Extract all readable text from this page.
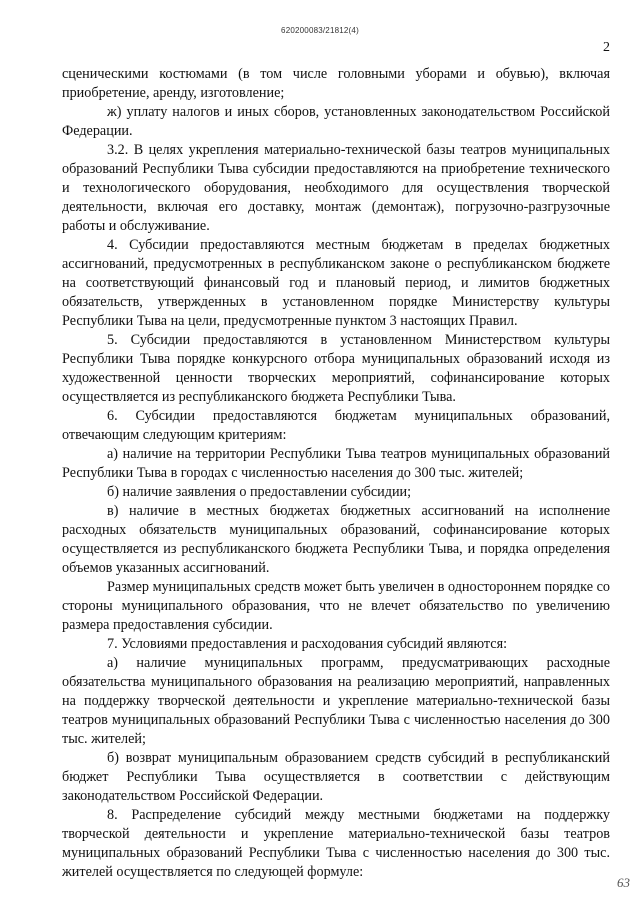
620200083/21812(4)
2

сценическими костюмами (в том числе головными уборами и обувью), включая приобретение, аренду, изготовление;

ж) уплату налогов и иных сборов, установленных законодательством Российской Федерации.

3.2. В целях укрепления материально-технической базы театров муниципальных образований Республики Тыва субсидии предоставляются на приобретение технического и технологического оборудования, необходимого для осуществления творческой деятельности, включая его доставку, монтаж (демонтаж), погрузочно-разгрузочные работы и обслуживание.

4. Субсидии предоставляются местным бюджетам в пределах бюджетных ассигнований, предусмотренных в республиканском законе о республиканском бюджете на соответствующий финансовый год и плановый период, и лимитов бюджетных обязательств, утвержденных в установленном порядке Министерству культуры Республики Тыва на цели, предусмотренные пунктом 3 настоящих Правил.

5. Субсидии предоставляются в установленном Министерством культуры Республики Тыва порядке конкурсного отбора муниципальных образований исходя из художественной ценности творческих мероприятий, софинансирование которых осуществляется из республиканского бюджета Республики Тыва.

6. Субсидии предоставляются бюджетам муниципальных образований, отвечающим следующим критериям:

а) наличие на территории Республики Тыва театров муниципальных образований Республики Тыва в городах с численностью населения до 300 тыс. жителей;

б) наличие заявления о предоставлении субсидии;

в) наличие в местных бюджетах бюджетных ассигнований на исполнение расходных обязательств муниципальных образований, софинансирование которых осуществляется из республиканского бюджета Республики Тыва, и порядка определения объемов указанных ассигнований.

Размер муниципальных средств может быть увеличен в одностороннем порядке со стороны муниципального образования, что не влечет обязательство по увеличению размера предоставления субсидии.

7. Условиями предоставления и расходования субсидий являются:

а) наличие муниципальных программ, предусматривающих расходные обязательства муниципального образования на реализацию мероприятий, направленных на поддержку творческой деятельности и укрепление материально-технической базы театров муниципальных образований Республики Тыва с численностью населения до 300 тыс. жителей;

б) возврат муниципальным образованием средств субсидий в республиканский бюджет Республики Тыва осуществляется в соответствии с действующим законодательством Российской Федерации.

8. Распределение субсидий между местными бюджетами на поддержку творческой деятельности и укрепление материально-технической базы театров муниципальных образований Республики Тыва с численностью населения до 300 тыс. жителей осуществляется по следующей формуле:

63
